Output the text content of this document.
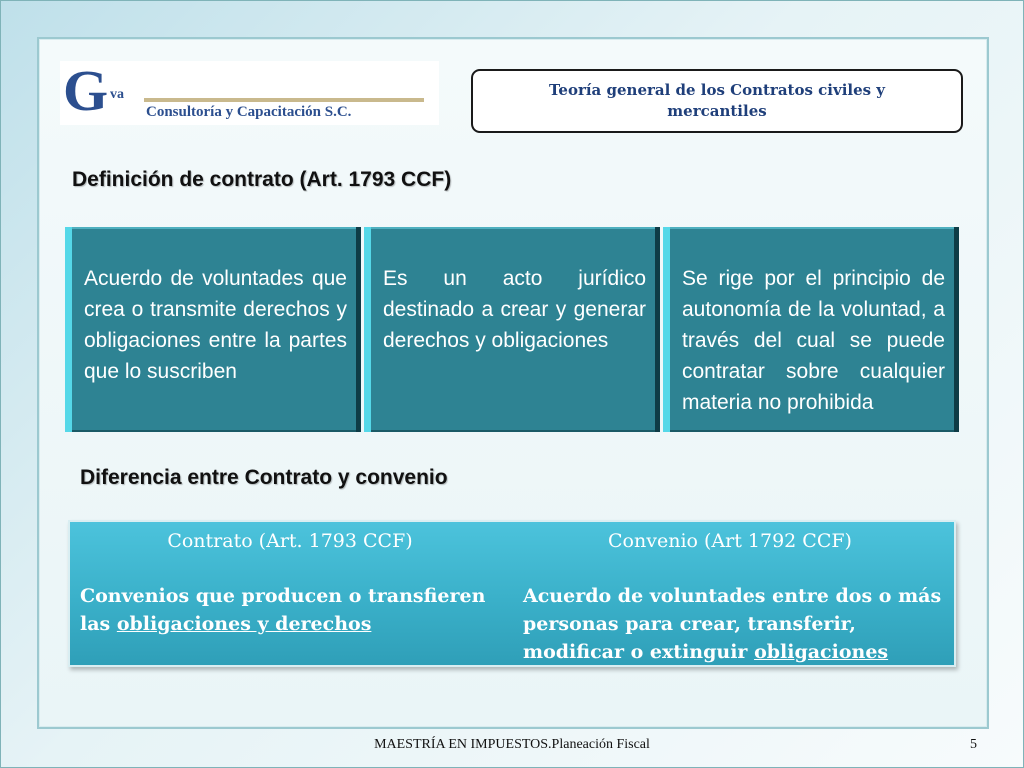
G va
Consultoría y Capacitación S.C.
Teoría general de los Contratos civiles y mercantiles
Definición de contrato (Art. 1793 CCF)
Acuerdo de voluntades que crea o transmite derechos y obligaciones entre la partes que lo suscriben
Es un acto jurídico destinado a crear y generar derechos y obligaciones
Se rige por el principio de autonomía de la voluntad, a través del cual se puede contratar sobre cualquier materia no prohibida
Diferencia entre Contrato y convenio
Contrato (Art. 1793 CCF)	Convenio (Art 1792 CCF)
Convenios que producen o transfieren las obligaciones y derechos
Acuerdo de voluntades entre dos o más personas para crear, transferir, modificar o extinguir obligaciones
MAESTRÍA EN IMPUESTOS.Planeación Fiscal	5
